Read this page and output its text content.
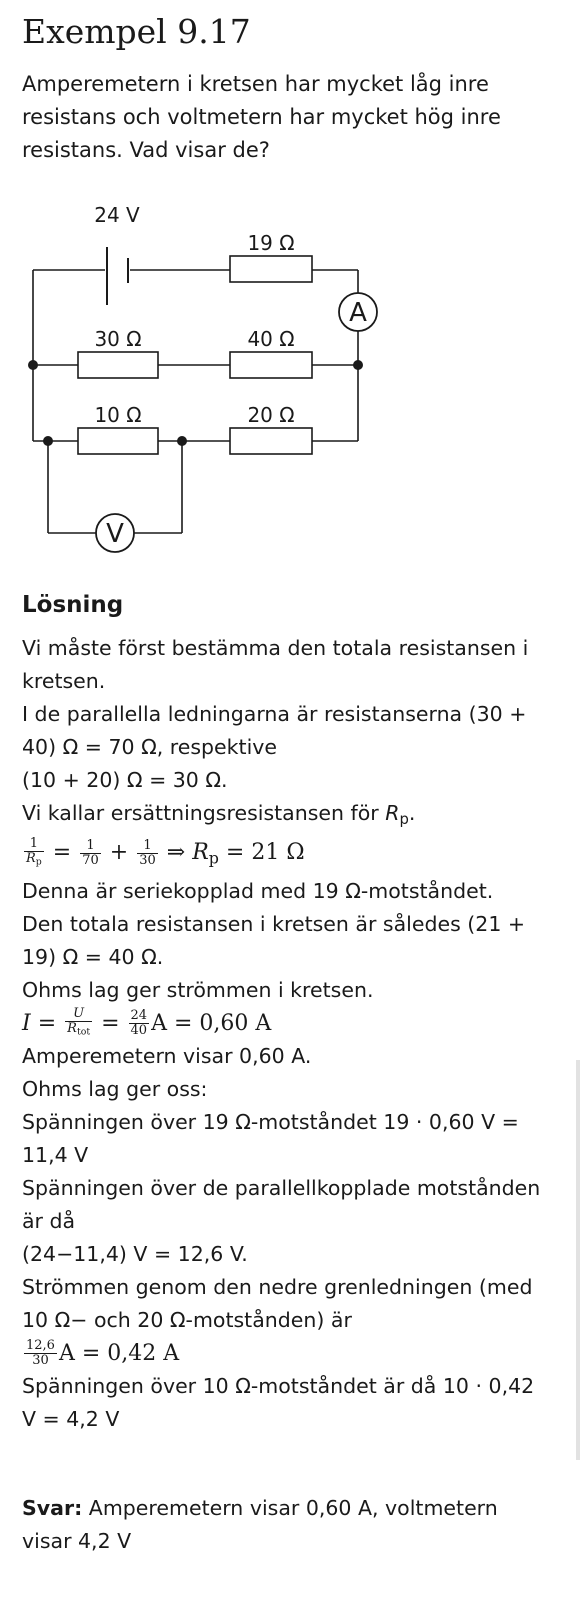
Exempel 9.17

Amperemetern i kretsen har mycket låg inre resistans och voltmetern har mycket hög inre resistans. Vad visar de?

A
V
24 V
19 Ω
30 Ω	40 Ω
10 Ω	20 Ω
Lösning

Vi måste först bestämma den totala resistansen i kretsen.

I de parallella ledningarna är resistanserna (30 + 40) Ω = 70 Ω, respektive

(10 + 20) Ω = 30 Ω.

Vi kallar ersättningsresistansen för $R_p$.

$\frac{1}{R_p} = \frac{1}{70} + \frac{1}{30}$ ⇒ $R_p = 21$ Ω

Denna är seriekopplad med 19 Ω-motståndet.

Den totala resistansen i kretsen är således (21 + 19) Ω = 40 Ω.

Ohms lag ger strömmen i kretsen.

$I = \frac{U}{R_{tot}} = \frac{24}{40}$ A = 0,60 A

Amperemetern visar 0,60 A.

Ohms lag ger oss:

Spänningen över 19 Ω-motståndet 19 · 0,60 V = 11,4 V

Spänningen över de parallellkopplade motstånden är då

(24−11,4) V = 12,6 V.

Strömmen genom den nedre grenledningen (med 10 Ω− och 20 Ω-motstånden) är

$\frac{12,6}{30}$ A = 0,42 A

Spänningen över 10 Ω-motståndet är då 10 · 0,42 V = 4,2 V

Svar: Amperemetern visar 0,60 A, voltmetern visar 4,2 V
